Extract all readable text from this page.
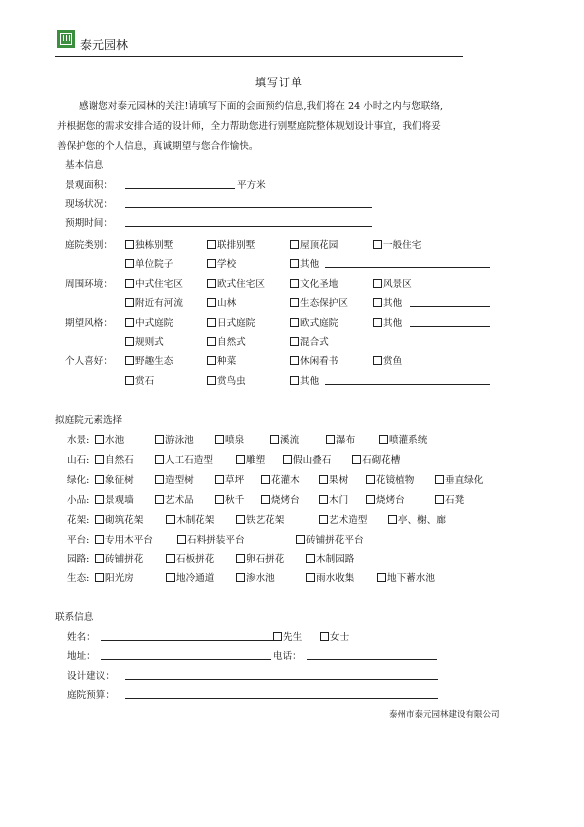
泰元园林
填写订单

感谢您对泰元园林的关注!请填写下面的会面预约信息,我们将在 24 小时之内与您联络,

并根据您的需求安排合适的设计师，全力帮助您进行别墅庭院整体规划设计事宜，我们将妥

善保护您的个人信息，真诚期望与您合作愉快。

基本信息
景观面积：	平方米
现场状况：
预期时间：
庭院类别：	独栋别墅	联排别墅	屋顶花园	一般住宅
单位院子	学校	其他
周围环境：	中式住宅区	欧式住宅区	文化圣地	风景区
附近有河流	山林	生态保护区	其他
期望风格：	中式庭院	日式庭院	欧式庭院	其他
规则式	自然式	混合式
个人喜好：	野趣生态	种菜	休闲看书	赏鱼
赏石	赏鸟虫	其他
拟庭院元素选择
水景:	水池	游泳池	喷泉	溪流	瀑布	喷灌系统
山石:	自然石	人工石造型	雕塑	假山叠石	石砌花槽
绿化:	象征树	造型树	草坪	花灌木	果树	花镜植物	垂直绿化
小品:	景观墙	艺术品	秋千	烧烤台	木门	烧烤台	石凳
花架:	砌筑花架	木制花架	铁艺花架	艺术造型	亭、榭、廊
平台:	专用木平台	石料拼装平台	砖铺拼花平台
园路:	砖铺拼花	石板拼花	卵石拼花	木制园路
生态:	阳光房	地冷通道	渗水池	雨水收集	地下蓄水池
联系信息
姓名：	先生	女士
地址：	电话：
设计建议：
庭院预算：
泰州市泰元园林建设有限公司
